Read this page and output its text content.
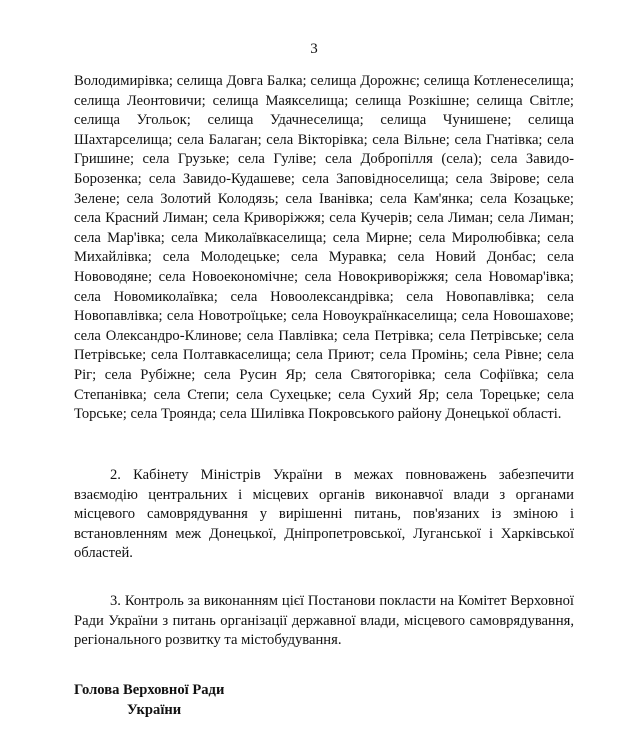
3

Володимирівка; селища Довга Балка; селища Дорожнє; селища Котленеселища; селища Леонтовичи; селища Маякселища; селища Розкішне; селища Світле; селища Угольок; селища Удачнеселища; селища Чунишене; селища Шахтарселища; села Балаган; села Вікторівка; села Вільне; села Гнатівка; села Гришине; села Грузьке; села Гуліве; села Добропілля (села); села Завидо-Борозенка; села Завидо-Кудашеве; села Заповідноселища; села Звірове; села Зелене; села Золотий Колодязь; села Іванівка; села Кам'янка; села Козацьке; села Красний Лиман; села Криворіжжя; села Кучерів; села Лиман; села Лиман; села Мар'івка; села Миколаївкаселища; села Мирне; села Миролюбівка; села Михайлівка; села Молодецьке; села Муравка; села Новий Донбас; села Нововодяне; села Новоекономічне; села Новокриворіжжя; села Новомар'івка; села Новомиколаївка; села Новоолександрівка; села Новопавлівка; села Новопавлівка; села Новотроїцьке; села Новоукраїнкаселища; села Новошахове; села Олександро-Клинове; села Павлівка; села Петрівка; села Петрівське; села Петрівське; села Полтавкаселища; села Приют; села Промінь; села Рівне; села Ріг; села Рубіжне; села Русин Яр; села Святогорівка; села Софіївка; села Степанівка; села Степи; села Сухецьке; села Сухий Яр; села Торецьке; села Торське; села Троянда; села Шилівка Покровського району Донецької області.

2. Кабінету Міністрів України в межах повноважень забезпечити взаємодію центральних і місцевих органів виконавчої влади з органами місцевого самоврядування у вирішенні питань, пов'язаних із зміною і встановленням меж Донецької, Дніпропетровської, Луганської і Харківської областей.

3. Контроль за виконанням цієї Постанови покласти на Комітет Верховної Ради України з питань організації державної влади, місцевого самоврядування, регіонального розвитку та містобудування.

Голова Верховної Ради
України
